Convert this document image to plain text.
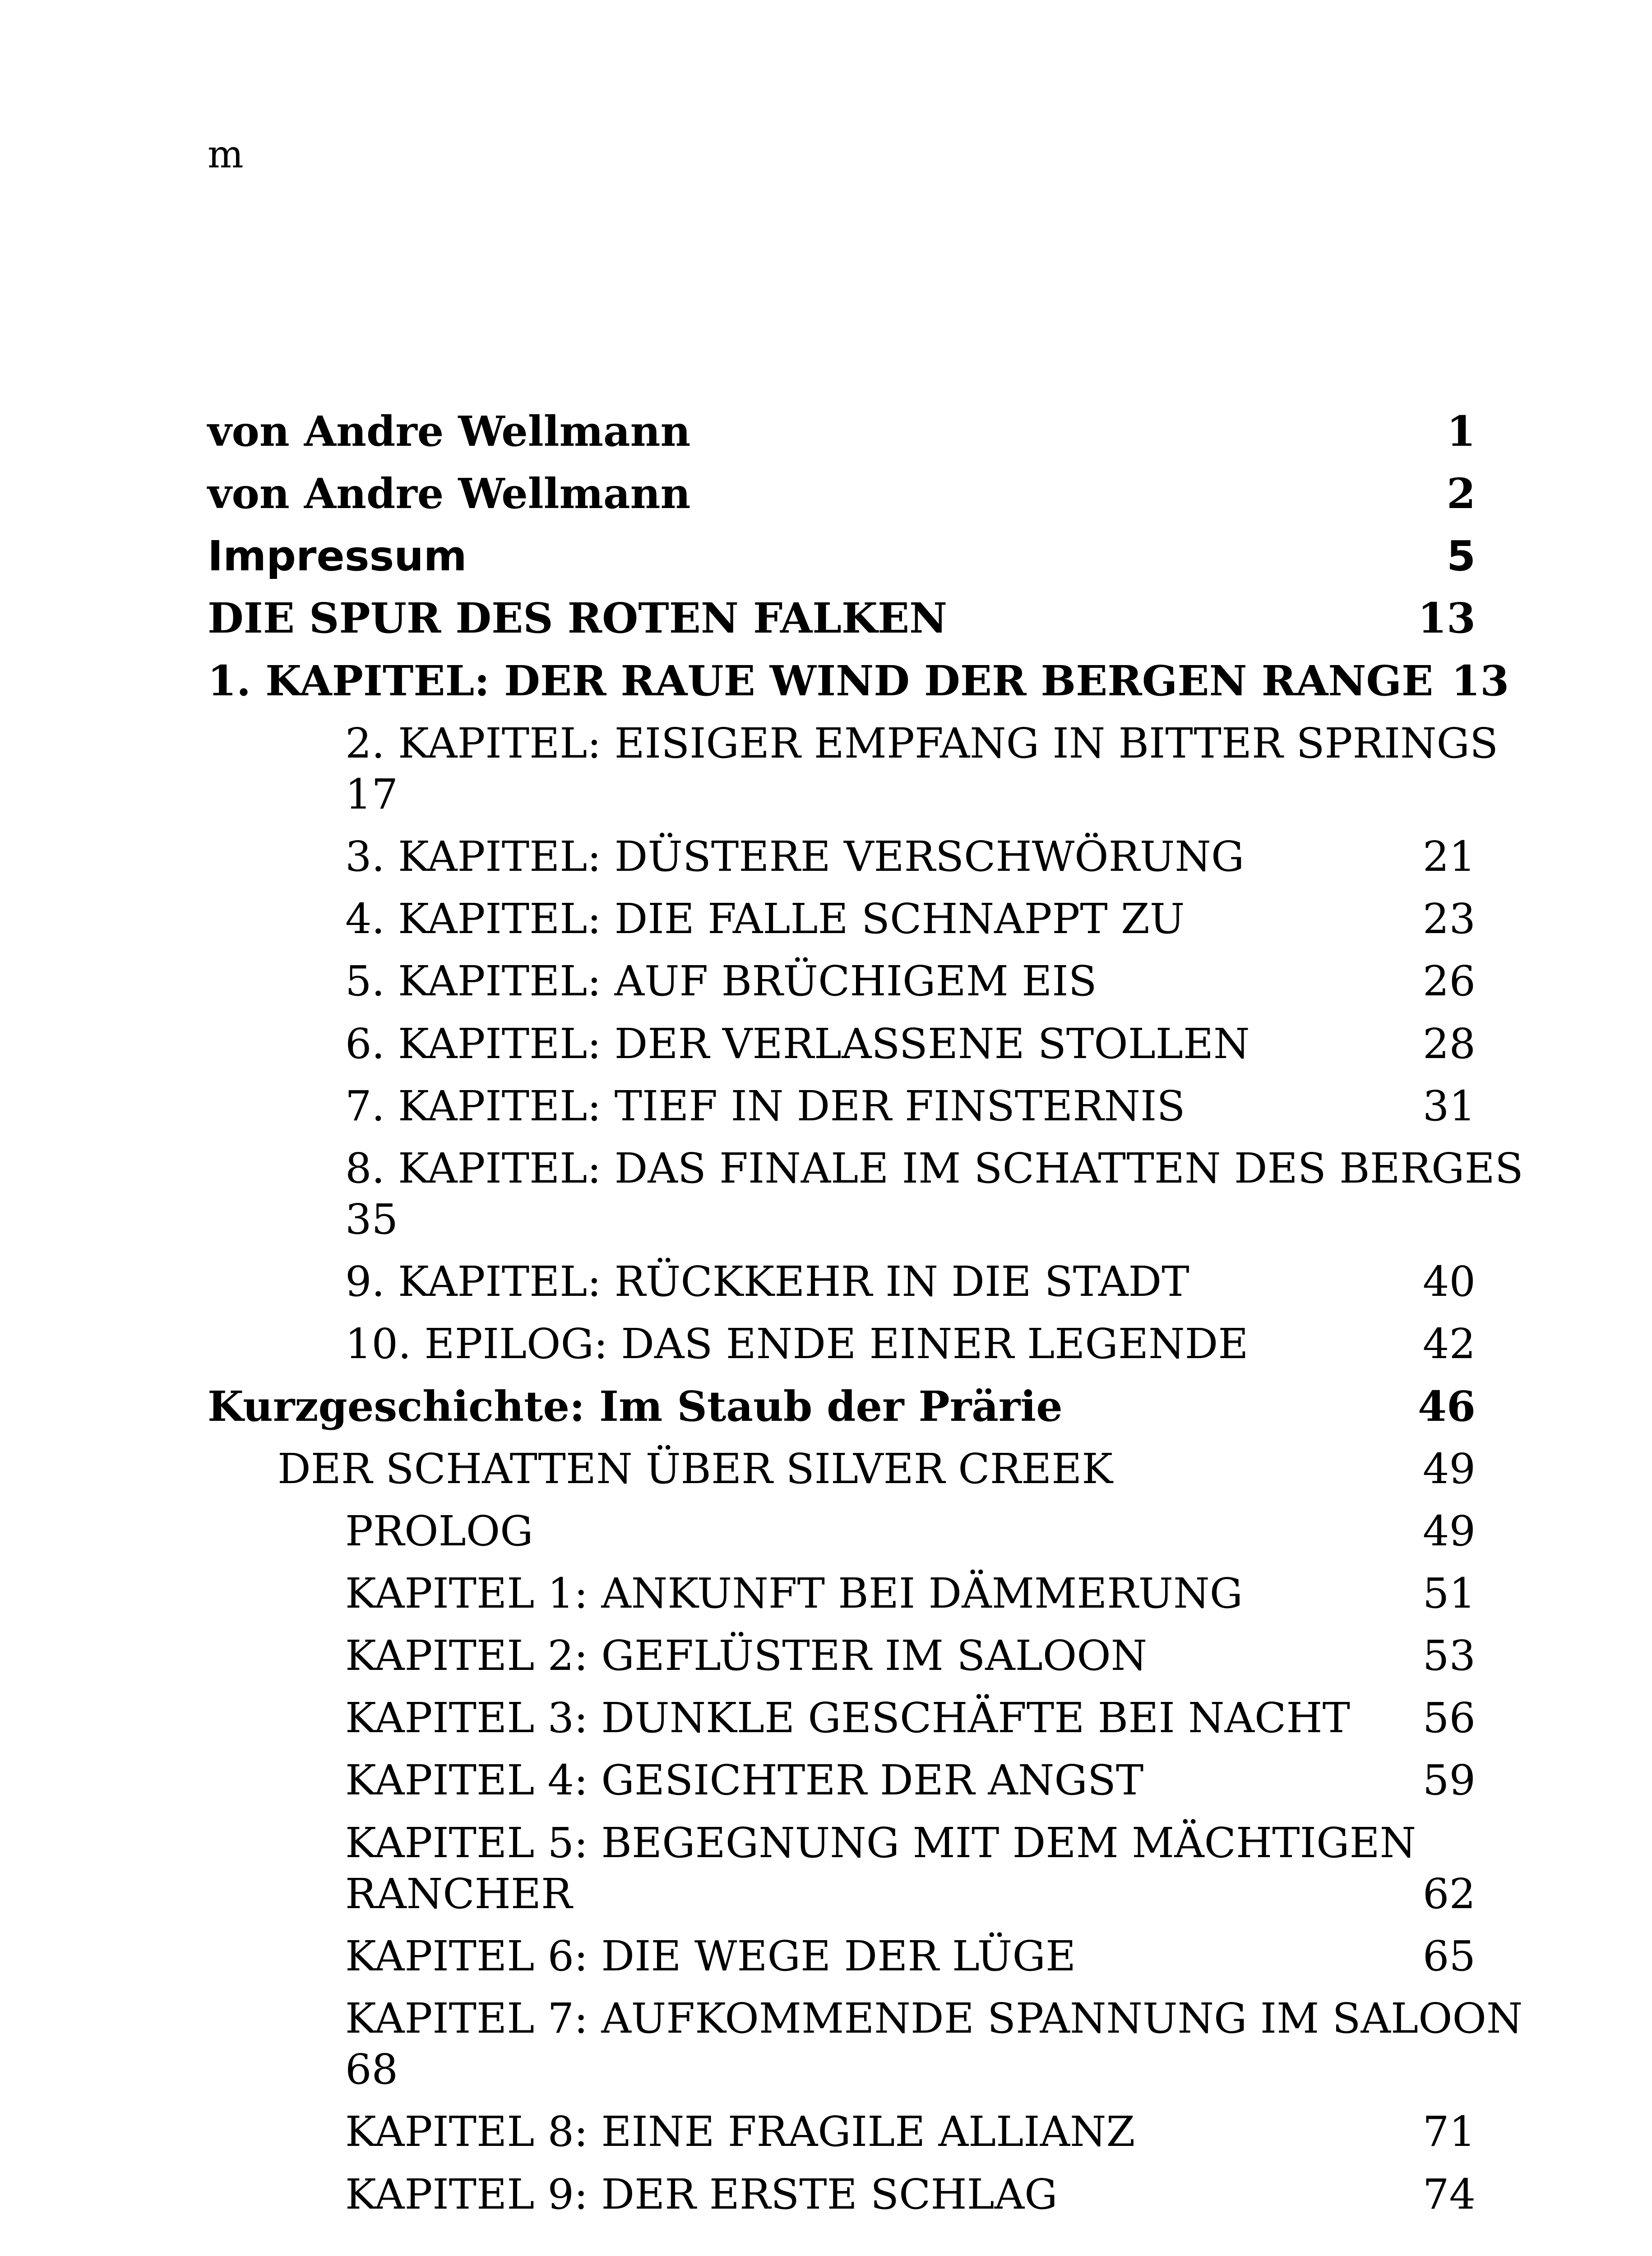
m
von Andre Wellmann	1
von Andre Wellmann	2
Impressum	5
DIE SPUR DES ROTEN FALKEN	13
1. KAPITEL: DER RAUE WIND DER BERGEN RANGE 13
2. KAPITEL: EISIGER EMPFANG IN BITTER SPRINGS
17
3. KAPITEL: DÜSTERE VERSCHWÖRUNG	21
4. KAPITEL: DIE FALLE SCHNAPPT ZU	23
5. KAPITEL: AUF BRÜCHIGEM EIS	26
6. KAPITEL: DER VERLASSENE STOLLEN	28
7. KAPITEL: TIEF IN DER FINSTERNIS	31
8. KAPITEL: DAS FINALE IM SCHATTEN DES BERGES
35
9. KAPITEL: RÜCKKEHR IN DIE STADT	40
10. EPILOG: DAS ENDE EINER LEGENDE	42
Kurzgeschichte: Im Staub der Prärie	46
DER SCHATTEN ÜBER SILVER CREEK	49
PROLOG	49
KAPITEL 1: ANKUNFT BEI DÄMMERUNG	51
KAPITEL 2: GEFLÜSTER IM SALOON	53
KAPITEL 3: DUNKLE GESCHÄFTE BEI NACHT 56
KAPITEL 4: GESICHTER DER ANGST	59
KAPITEL 5: BEGEGNUNG MIT DEM MÄCHTIGEN
RANCHER	62
KAPITEL 6: DIE WEGE DER LÜGE	65
KAPITEL 7: AUFKOMMENDE SPANNUNG IM SALOON
68
KAPITEL 8: EINE FRAGILE ALLIANZ	71
KAPITEL 9: DER ERSTE SCHLAG	74
